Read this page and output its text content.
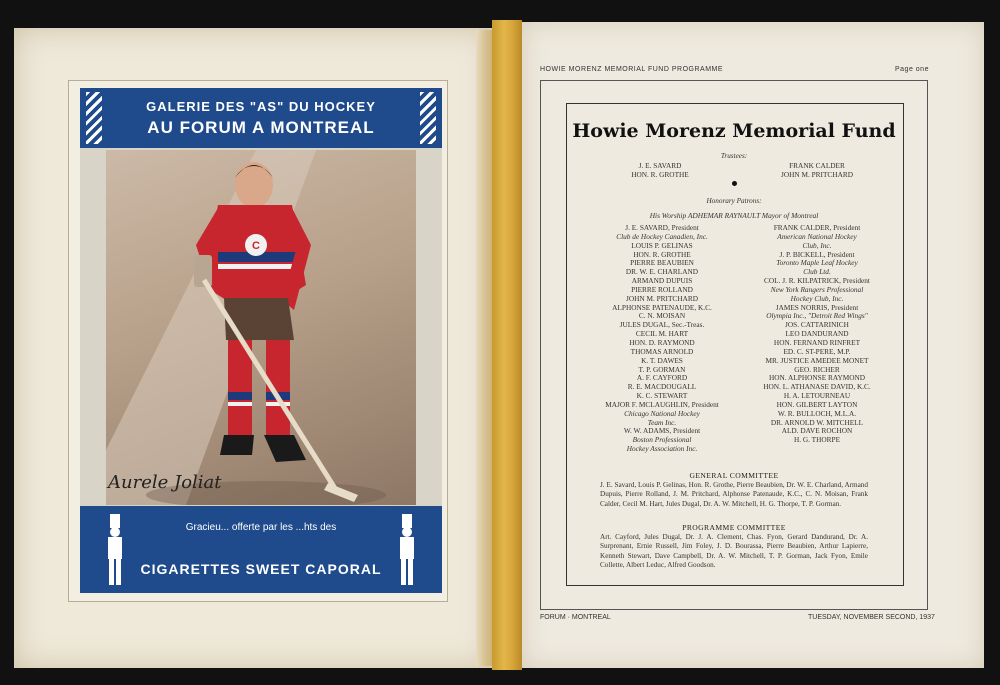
GALERIE DES "AS" DU HOCKEY
AU FORUM A MONTREAL
C
Aurele Joliat
Gracieu... offerte par les ...hts des
CIGARETTES SWEET CAPORAL
HOWIE MORENZ MEMORIAL FUND PROGRAMME	Page one
Howie Morenz Memorial Fund
Trustees:
J. E. SAVARD
HON. R. GROTHE
FRANK CALDER
JOHN M. PRITCHARD
Honorary Patrons:
His Worship ADHEMAR RAYNAULT Mayor of Montreal
J. E. SAVARD, President
Club de Hockey Canadien, Inc.
LOUIS P. GELINAS
HON. R. GROTHE
PIERRE BEAUBIEN
DR. W. E. CHARLAND
ARMAND DUPUIS
PIERRE ROLLAND
JOHN M. PRITCHARD
ALPHONSE PATENAUDE, K.C.
C. N. MOISAN
JULES DUGAL, Sec.-Treas.
CECIL M. HART
HON. D. RAYMOND
THOMAS ARNOLD
K. T. DAWES
T. P. GORMAN
A. F. CAYFORD
R. E. MACDOUGALL
K. C. STEWART
MAJOR F. MCLAUGHLIN, President
Chicago National Hockey
Team Inc.
W. W. ADAMS, President
Boston Professional
Hockey Association Inc.
FRANK CALDER, President
American National Hockey
Club, Inc.
J. P. BICKELL, President
Toronto Maple Leaf Hockey
Club Ltd.
COL. J. R. KILPATRICK, President
New York Rangers Professional
Hockey Club, Inc.
JAMES NORRIS, President
Olympia Inc., "Detroit Red Wings"
JOS. CATTARINICH
LEO DANDURAND
HON. FERNAND RINFRET
ED. C. ST-PERE, M.P.
MR. JUSTICE AMEDEE MONET
GEO. RICHER
HON. ALPHONSE RAYMOND
HON. L. ATHANASE DAVID, K.C.
H. A. LETOURNEAU
HON. GILBERT LAYTON
W. R. BULLOCH, M.L.A.
DR. ARNOLD W. MITCHELL
ALD. DAVE ROCHON
H. G. THORPE
GENERAL COMMITTEE
J. E. Savard, Louis P. Gelinas, Hon. R. Grothe, Pierre Beaubien, Dr. W. E. Charland, Armand Dupuis, Pierre Rolland, J. M. Pritchard, Alphonse Patenaude, K.C., C. N. Moisan, Frank Calder, Cecil M. Hart, Jules Dugal, Dr. A. W. Mitchell, H. G. Thorpe, T. P. Gorman.
PROGRAMME COMMITTEE
Art. Cayford, Jules Dugal, Dr. J. A. Clement, Chas. Fyon, Gerard Dandurand, Dr. A. Surprenant, Ernie Russell, Jim Foley, J. D. Bourassa, Pierre Beaubien, Arthur Lapierre, Kenneth Stewart, Dave Campbell, Dr. A. W. Mitchell, T. P. Gorman, Jack Fyon, Emile Collette, Albert Leduc, Alfred Goodson.
FORUM · MONTREAL	TUESDAY, NOVEMBER SECOND, 1937
